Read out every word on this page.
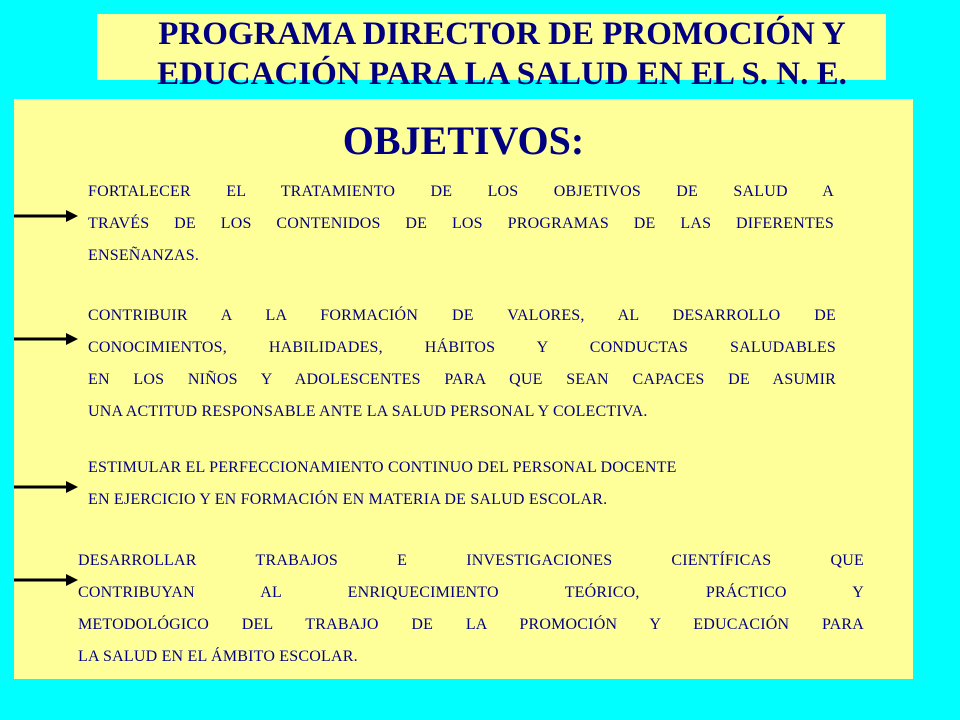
PROGRAMA DIRECTOR DE PROMOCIÓN Y
EDUCACIÓN PARA LA SALUD EN EL S. N. E.
OBJETIVOS:
FORTALECER EL TRATAMIENTO DE LOS OBJETIVOS DE SALUD A
TRAVÉS DE LOS CONTENIDOS DE LOS PROGRAMAS DE LAS DIFERENTES
ENSEÑANZAS.
CONTRIBUIR A LA FORMACIÓN DE VALORES, AL DESARROLLO DE
CONOCIMIENTOS, HABILIDADES, HÁBITOS Y CONDUCTAS SALUDABLES
EN LOS NIÑOS Y ADOLESCENTES PARA QUE SEAN CAPACES DE ASUMIR
UNA ACTITUD RESPONSABLE ANTE LA SALUD PERSONAL Y COLECTIVA.
ESTIMULAR EL PERFECCIONAMIENTO CONTINUO DEL PERSONAL DOCENTE
EN EJERCICIO Y EN FORMACIÓN EN MATERIA DE SALUD ESCOLAR.
DESARROLLAR TRABAJOS E INVESTIGACIONES CIENTÍFICAS QUE
CONTRIBUYAN AL ENRIQUECIMIENTO TEÓRICO, PRÁCTICO Y
METODOLÓGICO DEL TRABAJO DE LA PROMOCIÓN Y EDUCACIÓN PARA
LA SALUD EN EL ÁMBITO ESCOLAR.
